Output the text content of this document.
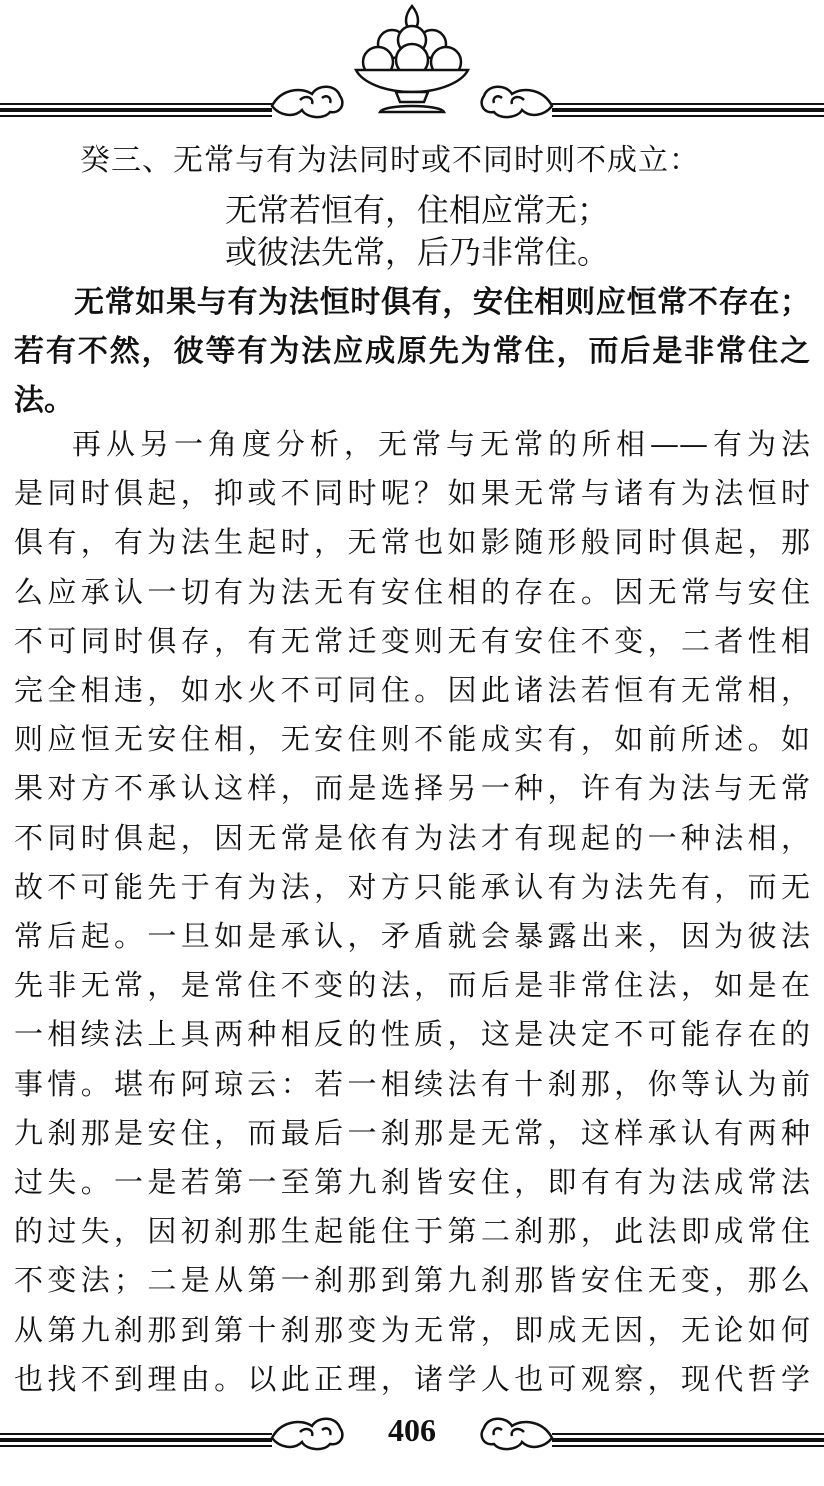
癸三、无常与有为法同时或不同时则不成立：
无常若恒有，住相应常无；
或彼法先常，后乃非常住。

无常如果与有为法恒时俱有，安住相则应恒常不存在；若有不然，彼等有为法应成原先为常住，而后是非常住之法。

再从另一角度分析，无常与无常的所相——有为法
是同时俱起，抑或不同时呢？如果无常与诸有为法恒时
俱有，有为法生起时，无常也如影随形般同时俱起，那
么应承认一切有为法无有安住相的存在。因无常与安住
不可同时俱存，有无常迁变则无有安住不变，二者性相
完全相违，如水火不可同住。因此诸法若恒有无常相，
则应恒无安住相，无安住则不能成实有，如前所述。如
果对方不承认这样，而是选择另一种，许有为法与无常
不同时俱起，因无常是依有为法才有现起的一种法相，
故不可能先于有为法，对方只能承认有为法先有，而无
常后起。一旦如是承认，矛盾就会暴露出来，因为彼法
先非无常，是常住不变的法，而后是非常住法，如是在
一相续法上具两种相反的性质，这是决定不可能存在的
事情。堪布阿琼云：若一相续法有十刹那，你等认为前
九刹那是安住，而最后一刹那是无常，这样承认有两种
过失。一是若第一至第九刹皆安住，即有有为法成常法
的过失，因初刹那生起能住于第二刹那，此法即成常住
不变法；二是从第一刹那到第九刹那皆安住无变，那么
从第九刹那到第十刹那变为无常，即成无因，无论如何
也找不到理由。以此正理，诸学人也可观察，现代哲学
406
